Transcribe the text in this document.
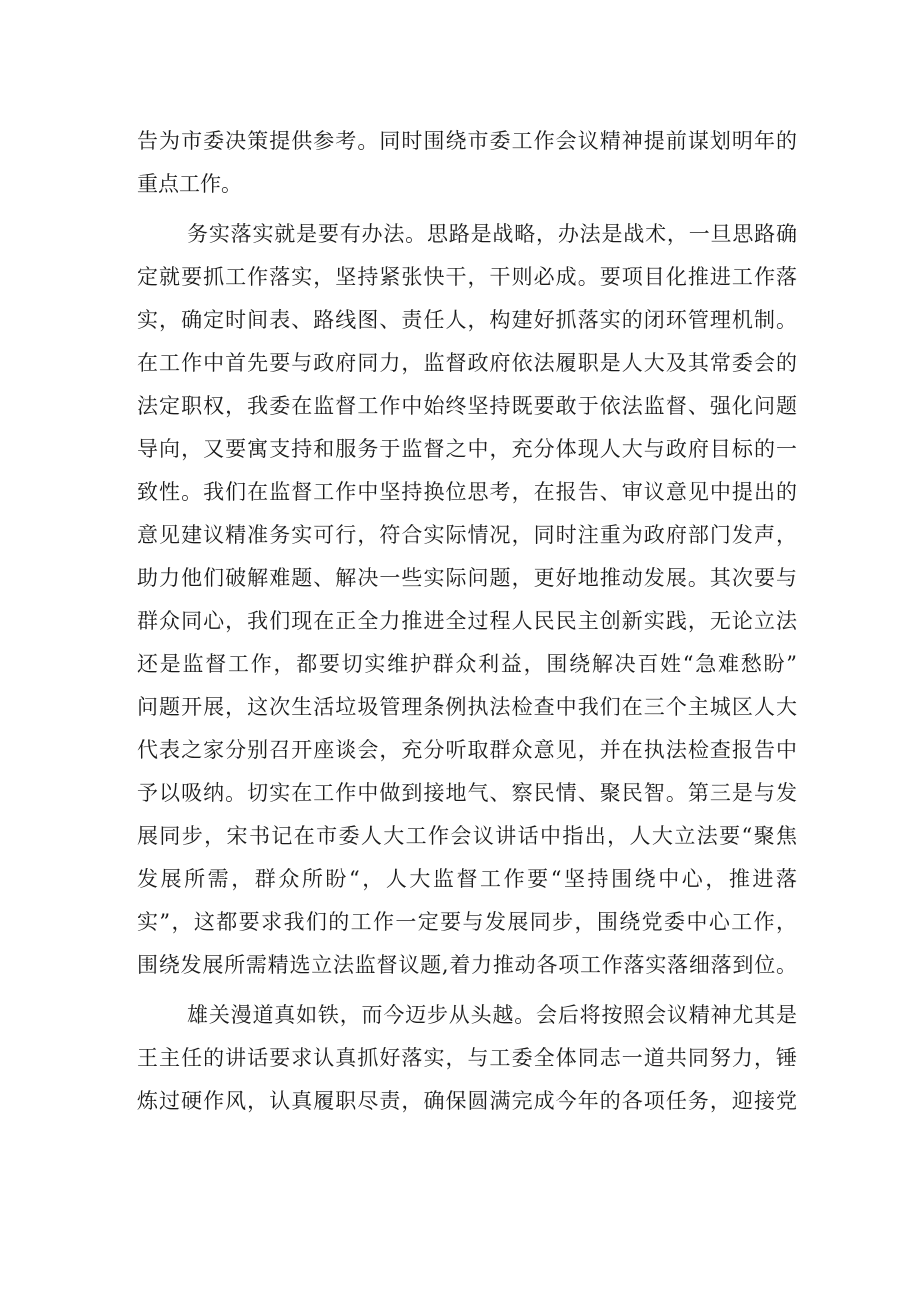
告为市委决策提供参考。同时围绕市委工作会议精神提前谋划明年的
重点工作。
务实落实就是要有办法。思路是战略，办法是战术，一旦思路确
定就要抓工作落实，坚持紧张快干，干则必成。要项目化推进工作落
实，确定时间表、路线图、责任人，构建好抓落实的闭环管理机制。
在工作中首先要与政府同力，监督政府依法履职是人大及其常委会的
法定职权，我委在监督工作中始终坚持既要敢于依法监督、强化问题
导向，又要寓支持和服务于监督之中，充分体现人大与政府目标的一
致性。我们在监督工作中坚持换位思考，在报告、审议意见中提出的
意见建议精准务实可行，符合实际情况，同时注重为政府部门发声，
助力他们破解难题、解决一些实际问题，更好地推动发展。其次要与
群众同心，我们现在正全力推进全过程人民民主创新实践，无论立法
还是监督工作，都要切实维护群众利益，围绕解决百姓“急难愁盼”
问题开展，这次生活垃圾管理条例执法检查中我们在三个主城区人大
代表之家分别召开座谈会，充分听取群众意见，并在执法检查报告中
予以吸纳。切实在工作中做到接地气、察民情、聚民智。第三是与发
展同步，宋书记在市委人大工作会议讲话中指出，人大立法要“聚焦
发展所需，群众所盼“，人大监督工作要“坚持围绕中心，推进落
实”，这都要求我们的工作一定要与发展同步，围绕党委中心工作，
围绕发展所需精选立法监督议题,着力推动各项工作落实落细落到位。
雄关漫道真如铁，而今迈步从头越。会后将按照会议精神尤其是
王主任的讲话要求认真抓好落实，与工委全体同志一道共同努力，锤
炼过硬作风，认真履职尽责，确保圆满完成今年的各项任务，迎接党
